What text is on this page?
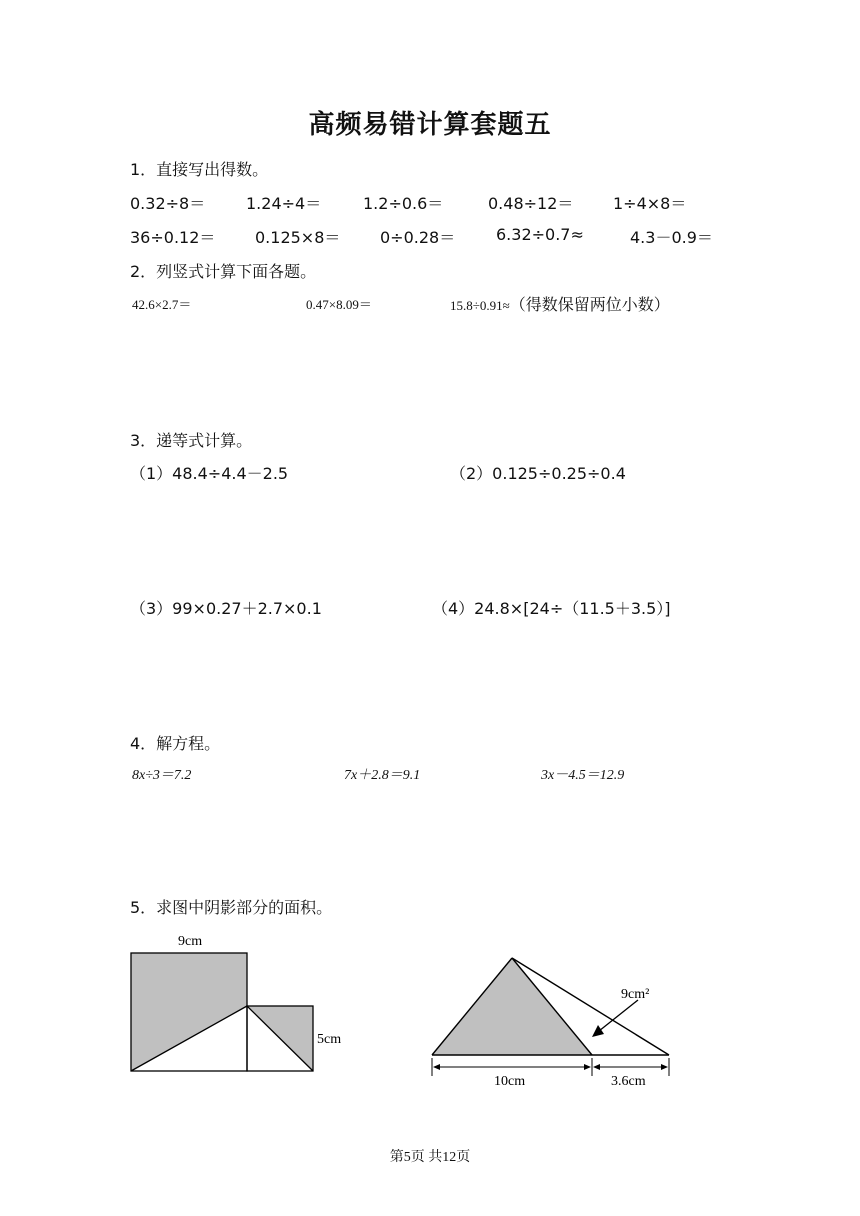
高频易错计算套题五
1．直接写出得数。
0.32÷8＝	1.24÷4＝	1.2÷0.6＝	0.48÷12＝ 1÷4×8＝
36÷0.12＝ 0.125×8＝ 0÷0.28＝	6.32÷0.7≈	4.3－0.9＝
2．列竖式计算下面各题。
42.6×2.7＝	0.47×8.09＝	15.8÷0.91≈（得数保留两位小数）
3．递等式计算。
（1）48.4÷4.4－2.5	（2）0.125÷0.25÷0.4
（3）99×0.27＋2.7×0.1	（4）24.8×[24÷（11.5＋3.5）]
4．解方程。
8x÷3＝7.2	7x＋2.8＝9.1	3x－4.5＝12.9
5．求图中阴影部分的面积。
9cm
5cm
9cm²
10cm	3.6cm
第5页 共12页
